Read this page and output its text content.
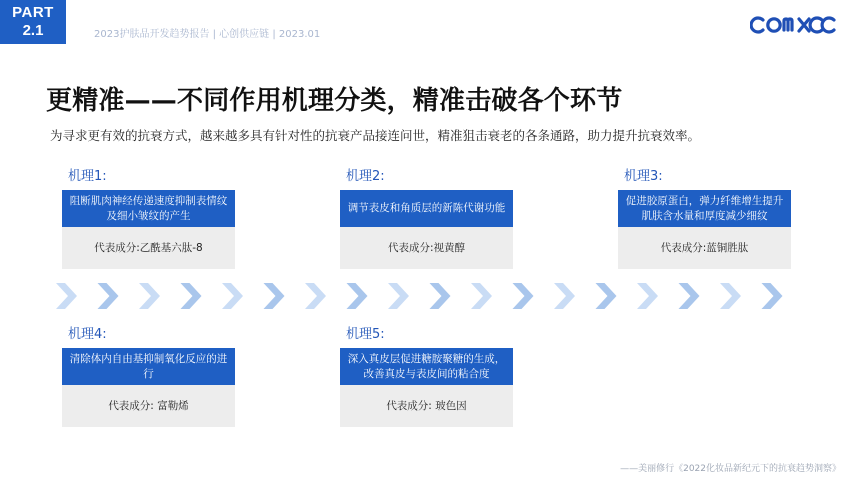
PART
2.1	2023护肤品开发趋势报告 | 心创供应链 | 2023.01
更精准——不同作用机理分类，精准击破各个环节
为寻求更有效的抗衰方式，越来越多具有针对性的抗衰产品接连问世，精准狙击衰老的各条通路，助力提升抗衰效率。
机理1:
阻断肌肉神经传递速度抑制表情纹及细小皱纹的产生
代表成分:乙酰基六肽-8
机理2:
调节表皮和角质层的新陈代谢功能
代表成分:视黄醇
机理3:
促进胶原蛋白，弹力纤维增生提升肌肤含水量和厚度减少细纹
代表成分:蓝铜胜肽
机理4:
清除体内自由基抑制氧化反应的进行
代表成分: 富勒烯
机理5:
深入真皮层促进糖胺聚糖的生成，改善真皮与表皮间的粘合度
代表成分: 玻色因
——美丽修行《2022化妆品新纪元下的抗衰趋势洞察》
